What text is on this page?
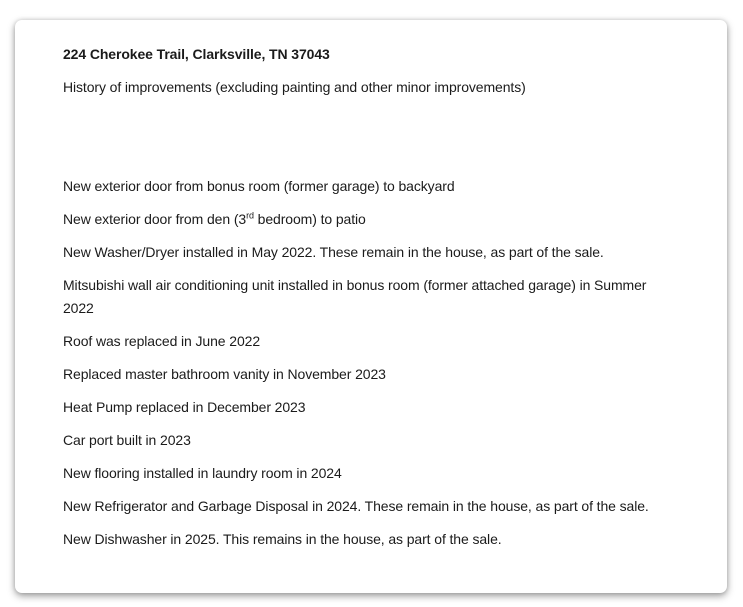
224 Cherokee Trail, Clarksville, TN 37043
History of improvements (excluding painting and other minor improvements)
New exterior door from bonus room (former garage) to backyard
New exterior door from den (3rd bedroom) to patio
New Washer/Dryer installed in May 2022. These remain in the house, as part of the sale.
Mitsubishi wall air conditioning unit installed in bonus room (former attached garage) in Summer 2022
Roof was replaced in June 2022
Replaced master bathroom vanity in November 2023
Heat Pump replaced in December 2023
Car port built in 2023
New flooring installed in laundry room in 2024
New Refrigerator and Garbage Disposal in 2024. These remain in the house, as part of the sale.
New Dishwasher in 2025. This remains in the house, as part of the sale.
